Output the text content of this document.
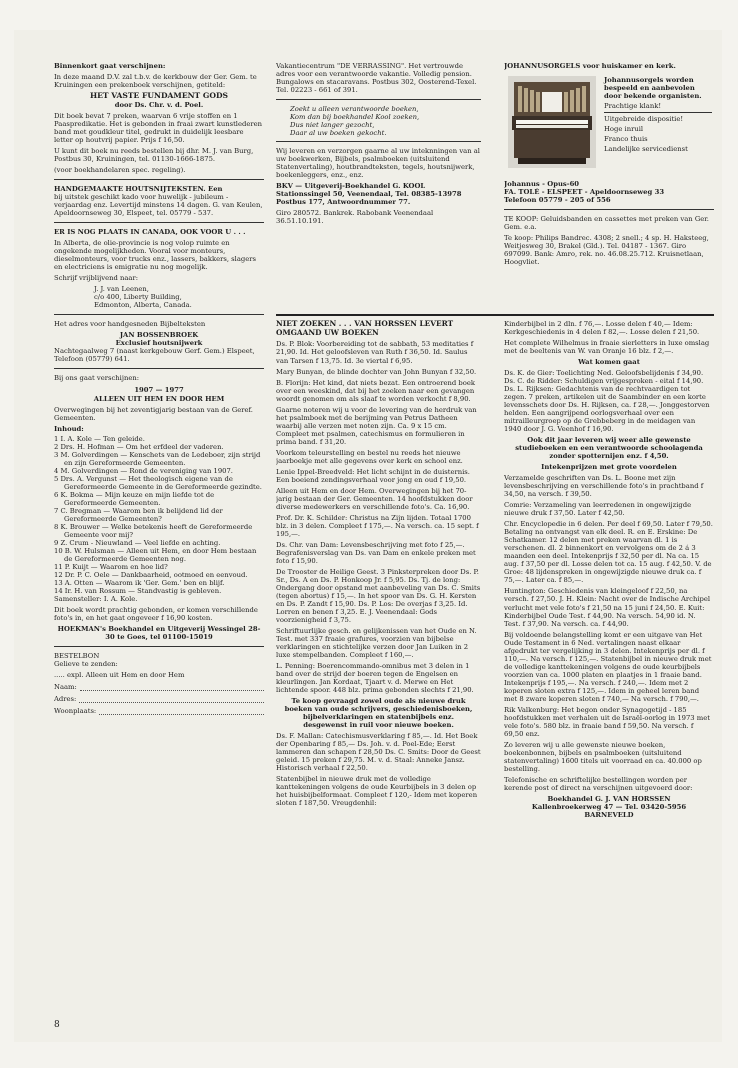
Binnenkort gaat verschijnen:

In deze maand D.V. zal t.b.v. de kerkbouw der Ger. Gem. te Kruiningen een prekenboek verschijnen, getiteld:

HET VASTE FUNDAMENT GODS

door Ds. Chr. v. d. Poel.

Dit boek bevat 7 preken, waarvan 6 vrije stoffen en 1 Paaspredikatie. Het is gebonden in fraai zwart kunstlederen band met goudkleur titel, gedrukt in duidelijk leesbare letter op houtvrij papier. Prijs f 16,50.

U kunt dit boek nu reeds bestellen bij dhr. M. J. van Burg, Postbus 30, Kruiningen, tel. 01130-1666-1875.

(voor boekhandelaren spec. regeling).

HANDGEMAAKTE HOUTSNIJTEKSTEN. Een

bij uitstek geschikt kado voor huwelijk - jubileum - verjaardag enz. Levertijd minstens 14 dagen. G. van Keulen, Apeldoornseweg 30, Elspeet, tel. 05779 - 537.

ER IS NOG PLAATS IN CANADA, OOK VOOR U . . .

In Alberta, de olie-provincie is nog volop ruimte en ongekende mogelijkheden. Vooral voor monteurs, dieselmonteurs, voor trucks enz., lassers, bakkers, slagers en electriciens is emigratie nu nog mogelijk.

Schrijf vrijblijvend naar:

J. J. van Leenen,
c/o 400, Liberty Building,
Edmonton, Alberta, Canada.

Het adres voor handgesneden Bijbelteksten

JAN BOSSENBROEK

Exclusief houtsnijwerk

Nachtegaalweg 7 (naast kerkgebouw Gerf. Gem.) Elspeet, Telefoon (05779) 641.

Bij ons gaat verschijnen:

1907 — 1977

ALLEEN UIT HEM EN DOOR HEM

Overwegingen bij het zeventigjarig bestaan van de Geref. Gemeenten.

Inhoud:

1 I. A. Kole — Ten geleide.
2 Drs. H. Hofman — Om het erfdeel der vaderen.
3 M. Golverdingen — Kenschets van de Ledeboer, zijn strijd en zijn Gereformeerde Gemeenten.
4 M. Golverdingen — Rond de vereniging van 1907.
5 Drs. A. Vergunst — Het theologisch eigene van de Gereformeerde Gemeente in de Gereformeerde gezindte.
6 K. Bokma — Mijn keuze en mijn liefde tot de Gereformeerde Gemeenten.
7 C. Bregman — Waarom ben ik belijdend lid der Gereformeerde Gemeenten?
8 K. Brouwer — Welke betekenis heeft de Gereformeerde Gemeente voor mij?
9 Z. Crum - Nieuwland — Veel liefde en achting.
10 B. W. Hulsman — Alleen uit Hem, en door Hem bestaan de Gereformeerde Gemeenten nog.
11 P. Kuijt — Waarom en hoe lid?
12 Dr. P. C. Oele — Dankbaarheid, ootmoed en eenvoud.
13 A. Otten — Waarom ik 'Ger. Gem.' ben en blijf.
14 Ir. H. van Rossum — Standvastig is gebleven.

Samensteller: I. A. Kole.

Dit boek wordt prachtig gebonden, er komen verschillende foto's in, en het gaat ongeveer f 16,90 kosten.

HOEKMAN's Boekhandel en Uitgeverij Wessingel 28-30 te Goes, tel 01100-15019

BESTELBON

Gelieve te zenden:

..... expl. Alleen uit Hem en door Hem

Naam:
Adres:
Woonplaats:

Vakantiecentrum "DE VERRASSING". Het vertrouwde adres voor een verantwoorde vakantie. Volledig pension. Bungalows en stacaravans. Postbus 302, Oosterend-Texel. Tel. 02223 - 661 of 391.

Zoekt u alleen verantwoorde boeken,
Kom dan bij boekhandel Kool zoeken,
Dus niet langer gezocht,
Daar al uw boeken gekocht.

Wij leveren en verzorgen gaarne al uw inteknningen van al uw boekwerken, Bijbels, psalmboeken (uitsluitend Statenvertaling), houtbrandteksten, tegels, houtsnijwerk, boekenleggers, enz., enz.

BKV — Uitgeverij-Boekhandel G. KOOL

Stationssingel 50, Veenendaal, Tel. 08385-13978

Postbus 177, Antwoordnummer 77.

Giro 280572. Bankrek. Rabobank Veenendaal 36.51.10.191.

JOHANNUSORGELS voor huiskamer en kerk.

Johannusorgels worden bespeeld en aanbevolen door bekende organisten.
Prachtige klank!
Uitgebreide dispositie!
Hoge inruil
Franco thuis
Landelijke servicedienst

Johannus - Opus-60

FA. TOLÉ - ELSPEET - Apeldoornseweg 33

Telefoon 05779 - 205 of 556

TE KOOP: Geluidsbanden en cassettes met preken van Ger. Gem. e.a.

Te koop: Philips Bandrec. 4308; 2 snell.; 4 sp. H. Haksteeg, Weitjesweg 30, Brakel (Gld.). Tel. 04187 - 1367. Giro 697099. Bank: Amro, rek. no. 46.08.25.712. Kruisnetlaan, Hoogvliet.

NIET ZOEKEN . . . VAN HORSSEN LEVERT OMGAAND UW BOEKEN

Ds. P. Blok: Voorbereiding tot de sabbath, 53 meditaties f 21,90. Id. Het geloofsleven van Ruth f 36,50. Id. Saulus van Tarsen f 13,75. Id. 3e viertal f 6,95.

Mary Bunyan, de blinde dochter van John Bunyan f 32,50.

B. Florijn: Het kind, dat niets bezat. Een ontroerend boek over een weeskind, dat bij het zoeken naar een gevangen woordt genomen om als slaaf te worden verkocht f 8,90.

Gaarne noteren wij u voor de levering van de herdruk van het psalmboek met de berijming van Petrus Datheen waarbij alle verzen met noten zijn. Ca. 9 x 15 cm. Compleet met psalmen, catechismus en formulieren in prima band. f 31,20.

Voorkom teleurstelling en bestel nu reeds het nieuwe jaarboekje met alle gegevens over kerk en school enz.

Lenie Ippel-Breedveld: Het licht schijnt in de duisternis. Een boeiend zendingsverhaal voor jong en oud f 19,50.

Alleen uit Hem en door Hem. Overwegingen bij het 70-jarig bestaan der Ger. Gemeenten. 14 hoofdstukken door diverse medewerkers en verschillende foto's. Ca. 16,90.

Prof. Dr. K. Schilder: Christus na Zijn lijden. Totaal 1700 blz. in 3 delen. Compleet f 175,—. Na versch. ca. 15 sept. f 195,—.

Ds. Chr. van Dam: Levensbeschrijving met foto f 25,—. Begrafenisverslag van Ds. van Dam en enkele preken met foto f 15,90.

De Trooster de Heilige Geest. 3 Pinksterpreken door Ds. P. Sr., Ds. A en Ds. P. Honkoop Jr. f 5,95. Ds. Tj. de long: Ondergang door opstand met aanbeveling van Ds. C. Smits (tegen abortus) f 15,—. In het spoor van Ds. G. H. Kersten en Ds. P. Zandt f 15,90. Ds. P. Los: De overjas f 3,25. Id. Lorren en benen f 3,25. E. J. Veenendaal: Gods voorzienigheid f 3,75.

Schriftuurlijke gesch. en gelijkenissen van het Oude en N. Test. met 337 fraaie grafures, voorzien van bijbelse verklaringen en stichtelijke verzen door Jan Luiken in 2 luxe stempelbanden. Compleet f 160,—.

L. Penning: Boerencommando-omnibus met 3 delen in 1 band over de strijd der boeren tegen de Engelsen en kleurlingen. Jan Kordaat, Tjaart v. d. Merwe en Het lichtende spoor. 448 blz. prima gebonden slechts f 21,90.

Te koop gevraagd zowel oude als nieuwe druk boeken van oude schrijvers, geschiedenisboeken, bijbelverklaringen en statenbijbels enz. desgewenst in ruil voor nieuwe boeken.

Ds. F. Mallan: Catechismusverklaring f 85,—. Id. Het Boek der Openbaring f 85,— Ds. Joh. v. d. Poel-Ede; Eerst lammeren dan schapen f 28,50 Ds. C. Smits: Door de Geest geleid. 15 preken f 29,75. M. v. d. Staal: Anneke Jansz. Historisch verhaal f 22,50.

Statenbijbel in nieuwe druk met de volledige kanttekeningen volgens de oude Keurbijbels in 3 delen op het huisbijbelformaat. Compleet f 120,- Idem met koperen sloten f 187,50. Vreugdenhil:

Kinderbijbel in 2 dln. f 76,—. Losse delen f 40,— Idem: Kerkgeschiedenis in 4 delen f 82,—. Losse delen f 21,50.

Het complete Wilhelmus in fraaie sierletters in luxe omslag met de beeltenis van W. van Oranje 16 blz. f 2,—.

Wat komen gaat

Ds. K. de Gier: Toelichting Ned. Geloofsbelijdenis f 34,90. Ds. C. de Ridder: Schuldigen vrijgesproken - eital f 14,90. Ds. L. Rijksen: Gedachtenis van de rechtvaardigen tot zegen. 7 preken, artikelen uit de Saambinder en een korte levensschets door Ds. H. Rijksen, ca. f 28,—. Jonggestorven helden. Een aangrijpend oorlogsverhaal over een mitrailleurgroep op de Grebbeberg in de meidagen van 1940 door J. G. Veenhof f 16,90.

Ook dit jaar leveren wij weer alle gewenste studieboeken en een verantwoorde schoolagenda zonder spotternijen enz. f 4,50.

Intekenprijzen met grote voordelen

Verzamelde geschriften van Ds. L. Boone met zijn levensbeschrijving en verschillende foto's in prachtband f 34,50, na versch. f 39,50.

Comrie: Verzameling van leerredenen in ongewijzigde nieuwe druk f 37,50. Later f 42,50.

Chr. Encyclopedie in 6 delen. Per deel f 69,50. Later f 79,50. Betaling na ontvangst van elk deel. R. en E. Erskine: De Schatkamer. 12 delen met preken waarvan dl. 1 is verschenen. dl. 2 binnenkort en vervolgens om de 2 á 3 maanden een deel. Intekenprijs f 32,50 per dl. Na ca. 15 aug. f 37,50 per dl. Losse delen tot ca. 15 aug. f 42,50. V. de Groe: 48 lijdenspreken in ongewijzigde nieuwe druk ca. f 75,—. Later ca. f 85,—.

Huntington: Geschiedenis van kleingeloof f 22,50, na versch. f 27,50. J. H. Klein: Nacht over de Indische Archipel verlucht met vele foto's f 21,50 na 15 juni f 24,50. E. Kuit: Kinderbijbel Oude Test. f 44,90. Na versch. 54,90 id. N. Test. f 37,90. Na versch. ca. f 44,90.

Bij voldoende belangstelling komt er een uitgave van Het Oude Testament in 6 Ned. vertalingen naast elkaar afgedrukt ter vergelijking in 3 delen. Intekenprijs per dl. f 110,—. Na versch. f 125,—. Statenbijbel in nieuwe druk met de volledige kanttekeningen volgens de oude keurbijbels voorzien van ca. 1000 platen en plaatjes in 1 fraaie band. Intekenprijs f 195,—. Na versch. f 240,—. Idem met 2 koperen sloten extra f 125,—. Idem in geheel leren band met 8 zware koperen sloten f 740,— Na versch. f 790,—.

Rik Valkenburg: Het begon onder Synagogetijd - 185 hoofdstukken met verhalen uit de Israël-oorlog in 1973 met vele foto's. 580 blz. in fraaie band f 59,50. Na versch. f 69,50 enz.

Zo leveren wij u alle gewenste nieuwe boeken, boekenbonnen, bijbels en psalmboeken (uitsluitend statenvertaling) 1600 titels uit voorraad en ca. 40.000 op bestelling.

Telefonische en schriftelijke bestellingen worden per kerende post of direct na verschijnen uitgevoerd door:

Boekhandel G. J. VAN HORSSEN

Kallenbroekerweg 47 — Tel. 03420-5956

BARNEVELD

8
